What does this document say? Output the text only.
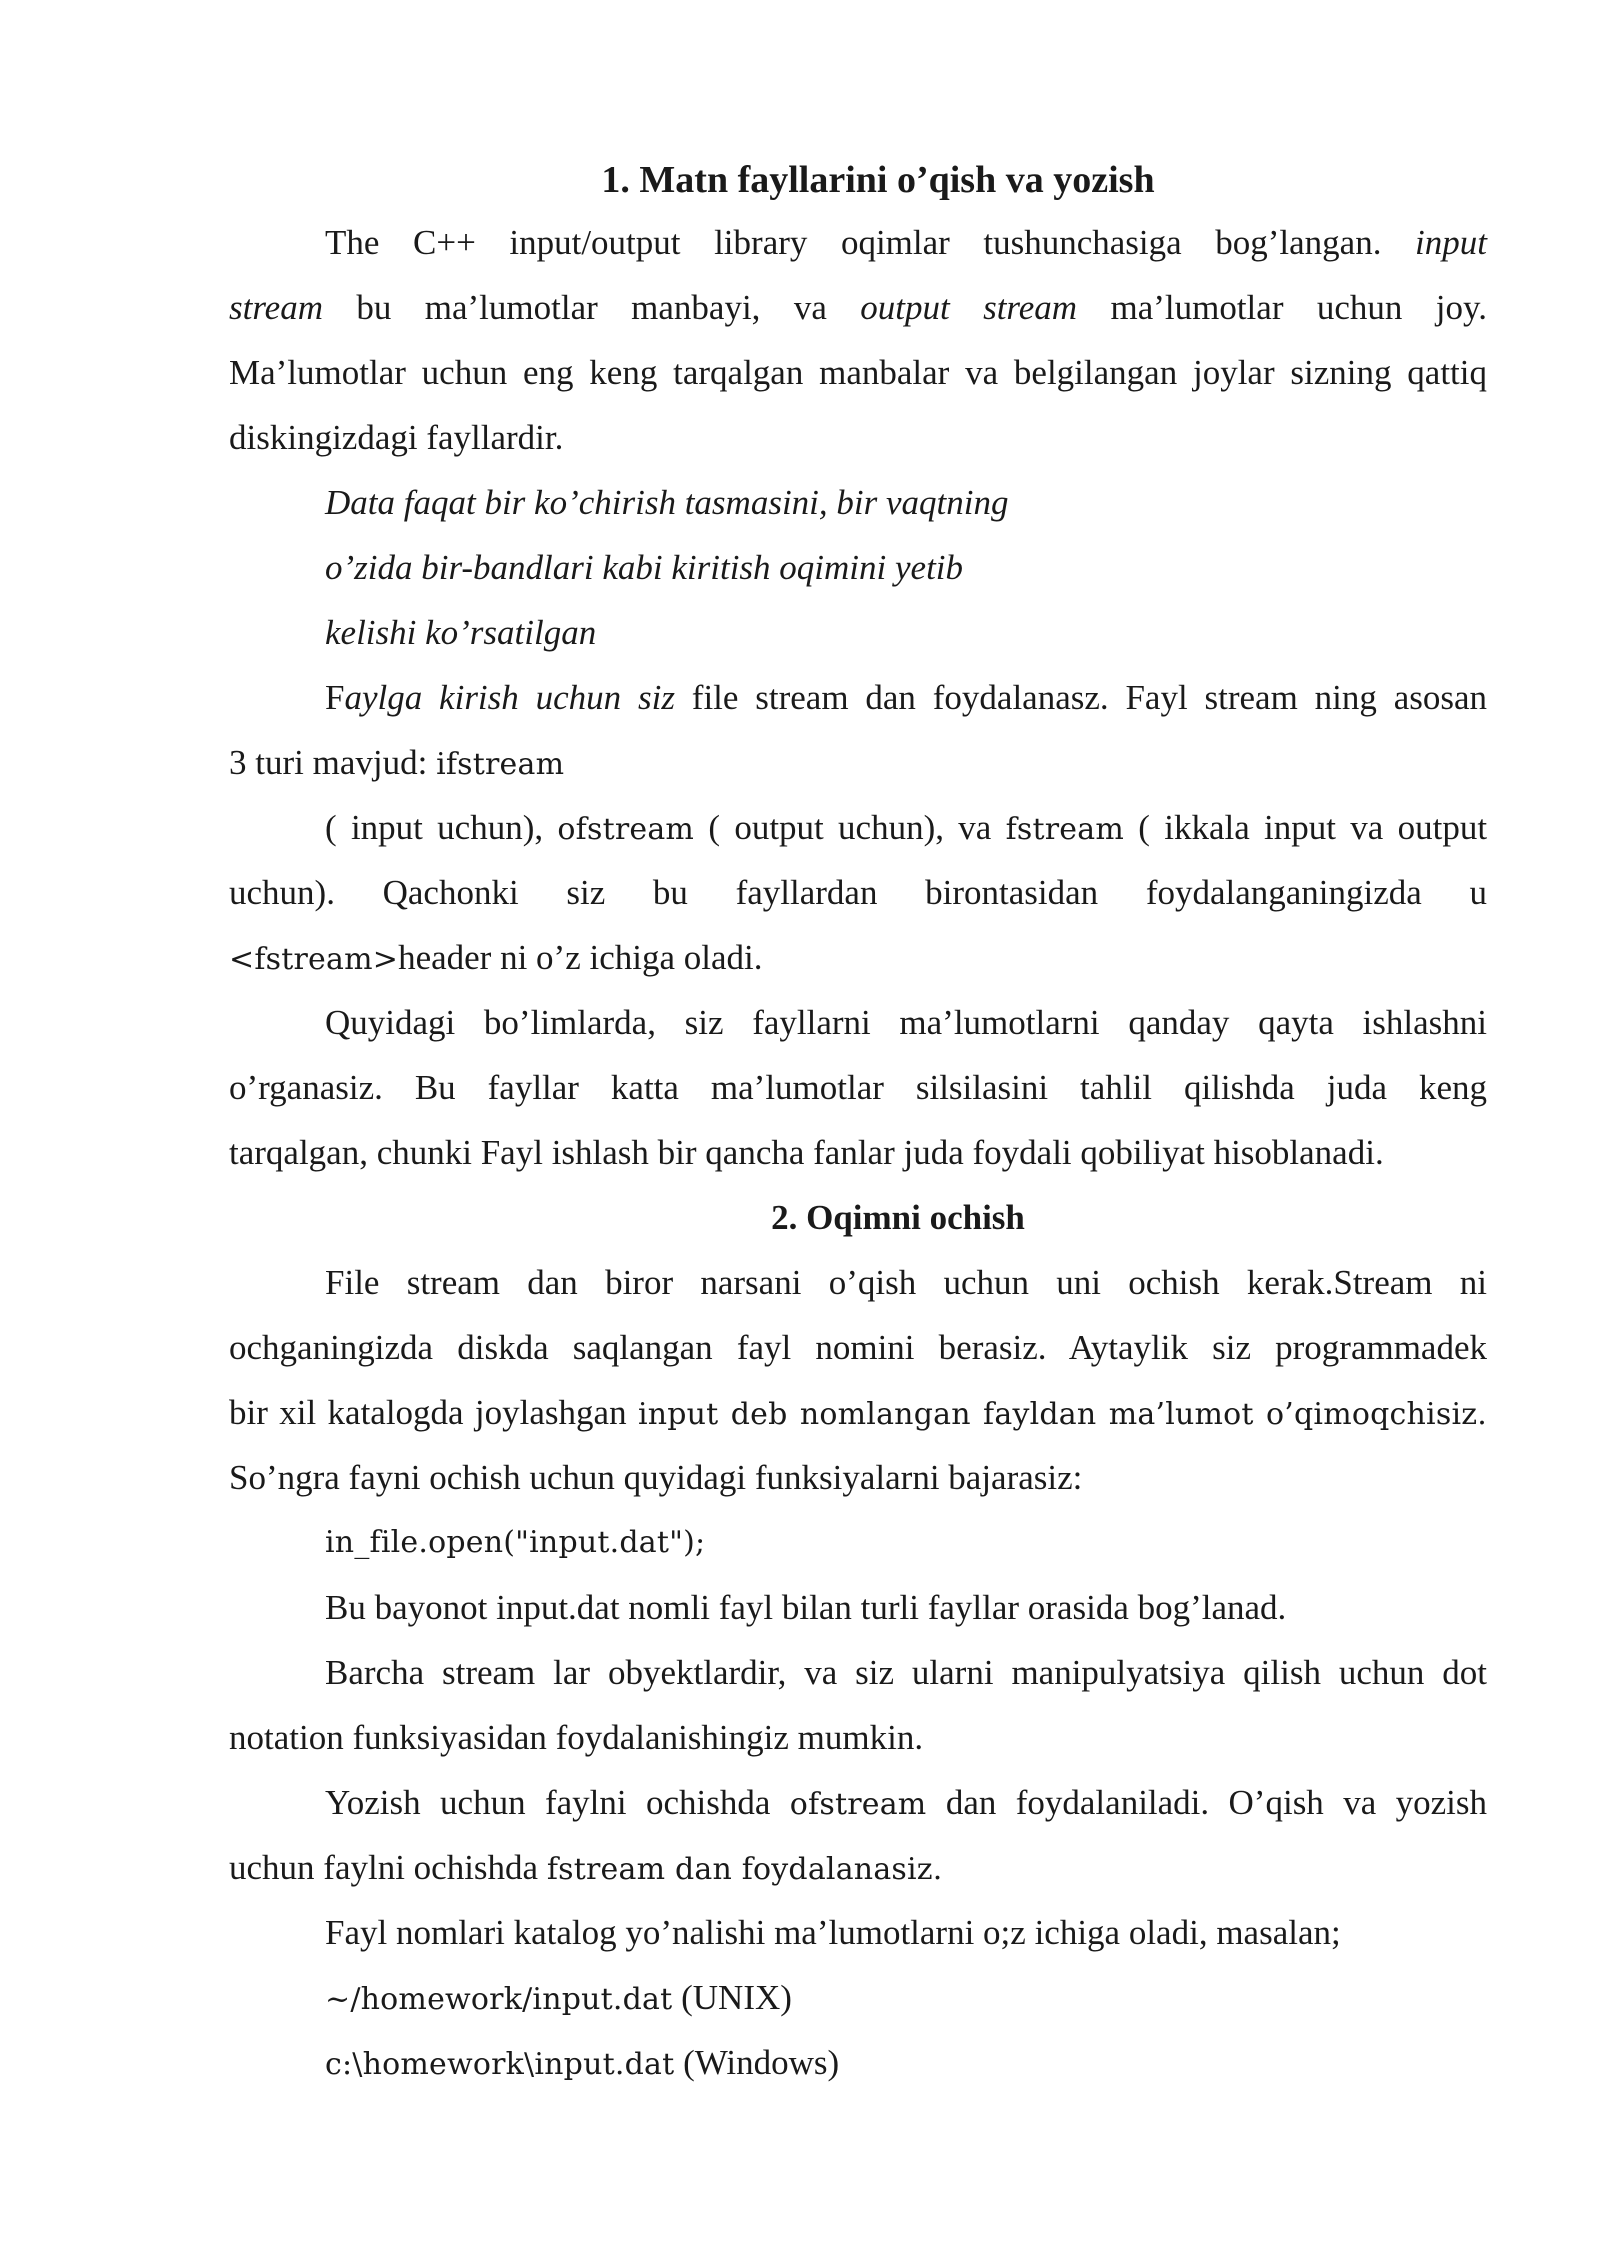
1. Matn fayllarini o’qish va yozish
The C++ input/output library oqimlar tushunchasiga bog’langan. input
stream bu ma’lumotlar manbayi, va output stream ma’lumotlar uchun joy.
Ma’lumotlar uchun eng keng tarqalgan manbalar va belgilangan joylar sizning qattiq
diskingizdagi fayllardir.
Data faqat bir ko’chirish tasmasini, bir vaqtning
o’zida bir-bandlari kabi kiritish oqimini yetib
kelishi ko’rsatilgan
Faylga kirish uchun siz file stream dan foydalanasz. Fayl stream ning asosan
3 turi mavjud: ifstream
( input uchun), ofstream ( output uchun), va fstream ( ikkala input va output
uchun). Qachonki siz bu fayllardan birontasidan foydalanganingizda u
<fstream>header ni o’z ichiga oladi.
Quyidagi bo’limlarda, siz fayllarni ma’lumotlarni qanday qayta ishlashni
o’rganasiz. Bu fayllar katta ma’lumotlar silsilasini tahlil qilishda juda keng
tarqalgan, chunki Fayl ishlash bir qancha fanlar juda foydali qobiliyat hisoblanadi.
2. Oqimni ochish
File stream dan biror narsani o’qish uchun uni ochish kerak.Stream ni
ochganingizda diskda saqlangan fayl nomini berasiz. Aytaylik siz programmadek
bir xil katalogda joylashgan input deb nomlangan fayldan ma’lumot o’qimoqchisiz.
So’ngra fayni ochish uchun quyidagi funksiyalarni bajarasiz:
in_file.open("input.dat");
Bu bayonot input.dat nomli fayl bilan turli fayllar orasida bog’lanad.
Barcha stream lar obyektlardir, va siz ularni manipulyatsiya qilish uchun dot
notation funksiyasidan foydalanishingiz mumkin.
Yozish uchun faylni ochishda ofstream dan foydalaniladi. O’qish va yozish
uchun faylni ochishda fstream dan foydalanasiz.
Fayl nomlari katalog yo’nalishi ma’lumotlarni o;z ichiga oladi, masalan;
~/homework/input.dat (UNIX)
c:\homework\input.dat (Windows)
